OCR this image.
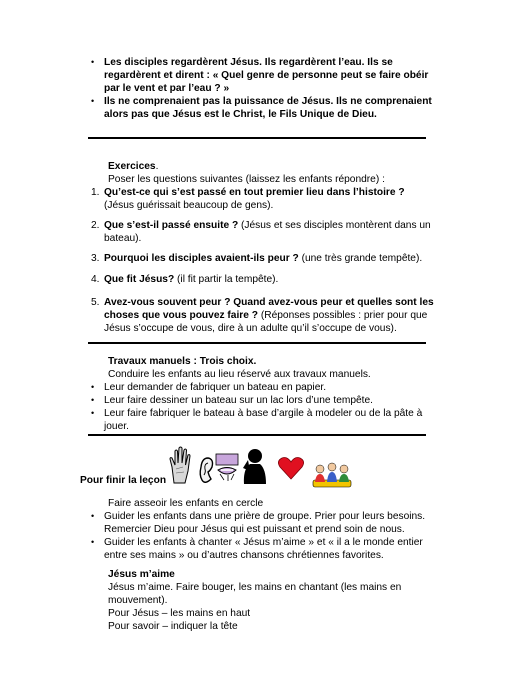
• Les disciples regardèrent Jésus. Ils regardèrent l’eau. Ils se
regardèrent et dirent : « Quel genre de personne peut se faire obéir
par le vent et par l’eau ? »
• Ils ne comprenaient pas la puissance de Jésus. Ils ne comprenaient
alors pas que Jésus est le Christ, le Fils Unique de Dieu.
Exercices.
Poser les questions suivantes (laissez les enfants répondre) :
1. Qu’est-ce qui s’est passé en tout premier lieu dans l’histoire ?
(Jésus guérissait beaucoup de gens).
2. Que s’est-il passé ensuite ? (Jésus et ses disciples montèrent dans un
bateau).
3. Pourquoi les disciples avaient-ils peur ? (une très grande tempête).
4. Que fit Jésus? (il fit partir la tempête).
5. Avez-vous souvent peur ? Quand avez-vous peur et quelles sont les
choses que vous pouvez faire ? (Réponses possibles : prier pour que
Jésus s’occupe de vous, dire à un adulte qu’il s’occupe de vous).
Travaux manuels : Trois choix.
Conduire les enfants au lieu réservé aux travaux manuels.
• Leur demander de fabriquer un bateau en papier.
• Leur faire dessiner un bateau sur un lac lors d’une tempête.
• Leur faire fabriquer le bateau à base d’argile à modeler ou de la pâte à
jouer.
Pour finir la leçon
Faire asseoir les enfants en cercle
• Guider les enfants dans une prière de groupe. Prier pour leurs besoins.
Remercier Dieu pour Jésus qui est puissant et prend soin de nous.
• Guider les enfants à chanter « Jésus m’aime » et « il a le monde entier
entre ses mains » ou d’autres chansons chrétiennes favorites.
Jésus m’aime
Jésus m’aime. Faire bouger, les mains en chantant (les mains en
mouvement).
Pour Jésus – les mains en haut
Pour savoir – indiquer la tête
